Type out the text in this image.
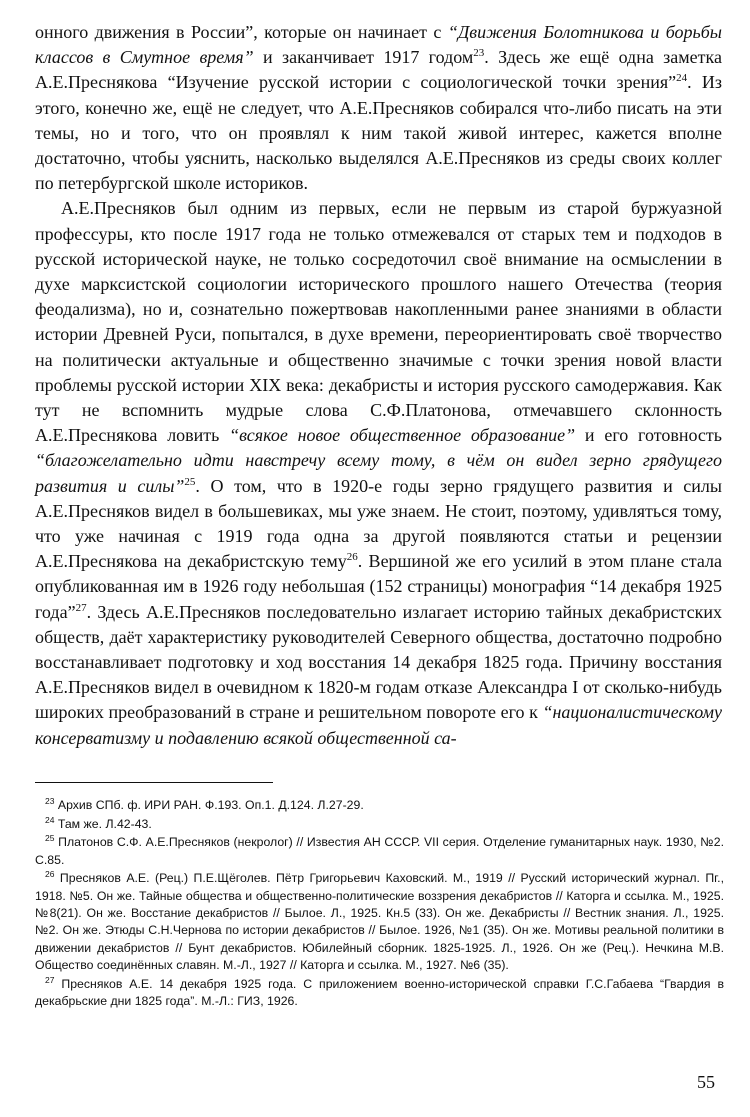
онного движения в России”, которые он начинает с “Движения Болотникова и борьбы классов в Смутное время” и заканчивает 1917 годом$^{23}$. Здесь же ещё одна заметка А.Е.Преснякова “Изучение русской истории с социологической точки зрения”$^{24}$. Из этого, конечно же, ещё не следует, что А.Е.Пресняков собирался что-либо писать на эти темы, но и того, что он проявлял к ним такой живой интерес, кажется вполне достаточно, чтобы уяснить, насколько выделялся А.Е.Пресняков из среды своих коллег по петербургской школе историков.

А.Е.Пресняков был одним из первых, если не первым из старой буржуазной профессуры, кто после 1917 года не только отмежевался от старых тем и подходов в русской исторической науке, не только сосредоточил своё внимание на осмыслении в духе марксистской социологии исторического прошлого нашего Отечества (теория феодализма), но и, сознательно пожертвовав накопленными ранее знаниями в области истории Древней Руси, попытался, в духе времени, переориентировать своё творчество на политически актуальные и общественно значимые с точки зрения новой власти проблемы русской истории XIX века: декабристы и история русского самодержавия. Как тут не вспомнить мудрые слова С.Ф.Платонова, отмечавшего склонность А.Е.Преснякова ловить “всякое новое общественное образование” и его готовность “благожелательно идти навстречу всему тому, в чём он видел зерно грядущего развития и силы”$^{25}$. О том, что в 1920-е годы зерно грядущего развития и силы А.Е.Пресняков видел в большевиках, мы уже знаем. Не стоит, поэтому, удивляться тому, что уже начиная с 1919 года одна за другой появляются статьи и рецензии А.Е.Преснякова на декабристскую тему$^{26}$. Вершиной же его усилий в этом плане стала опубликованная им в 1926 году небольшая (152 страницы) монография “14 декабря 1925 года”$^{27}$. Здесь А.Е.Пресняков последовательно излагает историю тайных декабристских обществ, даёт характеристику руководителей Северного общества, достаточно подробно восстанавливает подготовку и ход восстания 14 декабря 1825 года. Причину восстания А.Е.Пресняков видел в очевидном к 1820-м годам отказе Александра I от сколько-нибудь широких преобразований в стране и решительном повороте его к “националистическому консерватизму и подавлению всякой общественной са-

$^{23}$ Архив СПб. ф. ИРИ РАН. Ф.193. Оп.1. Д.124. Л.27-29.

$^{24}$ Там же. Л.42-43.

$^{25}$ Платонов С.Ф. А.Е.Пресняков (некролог) // Известия АН СССР. VII серия. Отделение гуманитарных наук. 1930, №2. С.85.

$^{26}$ Пресняков А.Е. (Рец.) П.Е.Щёголев. Пётр Григорьевич Каховский. М., 1919 // Русский исторический журнал. Пг., 1918. №5. Он же. Тайные общества и общественно-политические воззрения декабристов // Каторга и ссылка. М., 1925. №8(21). Он же. Восстание декабристов // Былое. Л., 1925. Кн.5 (33). Он же. Декабристы // Вестник знания. Л., 1925. №2. Он же. Этюды С.Н.Чернова по истории декабристов // Былое. 1926, №1 (35). Он же. Мотивы реальной политики в движении декабристов // Бунт декабристов. Юбилейный сборник. 1825-1925. Л., 1926. Он же (Рец.). Нечкина М.В. Общество соединённых славян. М.-Л., 1927 // Каторга и ссылка. М., 1927. №6 (35).

$^{27}$ Пресняков А.Е. 14 декабря 1925 года. С приложением военно-исторической справки Г.С.Габаева “Гвардия в декабрьские дни 1825 года”. М.-Л.: ГИЗ, 1926.

55
